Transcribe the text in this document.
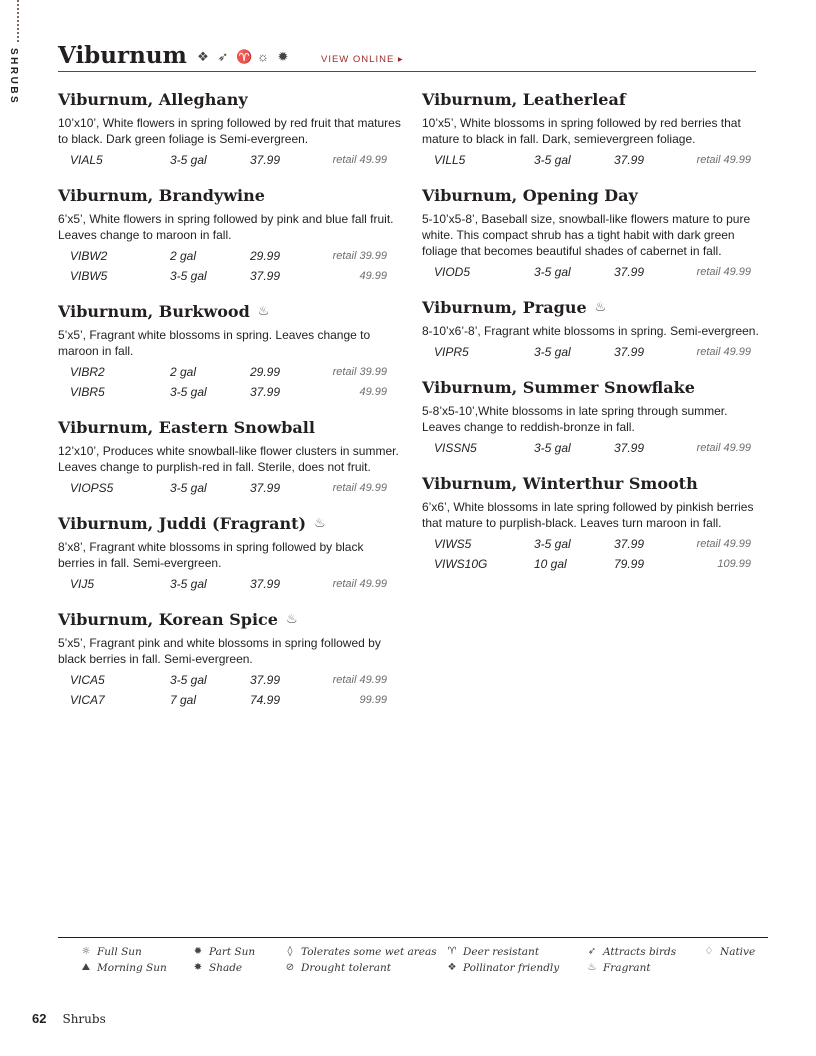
SHRUBS Viburnum ❖ ➶ ♈ ☼ ✹	VIEW ONLINE ▸
Viburnum, Alleghany
10’x10’, White flowers in spring followed by red fruit that matures to black. Dark green foliage is Semi-evergreen.
VIAL5	3-5 gal	37.99	retail 49.99
Viburnum, Brandywine
6’x5’, White flowers in spring followed by pink and blue fall fruit. Leaves change to maroon in fall.
VIBW2	2 gal	29.99	retail 39.99
VIBW5	3-5 gal	37.99	49.99
Viburnum, Burkwood ♨
5’x5’, Fragrant white blossoms in spring. Leaves change to maroon in fall.
VIBR2	2 gal	29.99	retail 39.99
VIBR5	3-5 gal	37.99	49.99
Viburnum, Eastern Snowball
12’x10’, Produces white snowball-like flower clusters in summer. Leaves change to purplish-red in fall. Sterile, does not fruit.
VIOPS5	3-5 gal	37.99	retail 49.99
Viburnum, Juddi (Fragrant) ♨
8’x8’, Fragrant white blossoms in spring followed by black berries in fall. Semi-evergreen.
VIJ5	3-5 gal	37.99	retail 49.99
Viburnum, Korean Spice ♨
5’x5’, Fragrant pink and white blossoms in spring followed by black berries in fall. Semi-evergreen.
VICA5	3-5 gal	37.99	retail 49.99
VICA7	7 gal	74.99	99.99
Viburnum, Leatherleaf
10’x5’, White blossoms in spring followed by red berries that mature to black in fall. Dark, semievergreen foliage.
VILL5	3-5 gal	37.99	retail 49.99
Viburnum, Opening Day
5-10’x5-8’, Baseball size, snowball-like flowers mature to pure white. This compact shrub has a tight habit with dark green foliage that becomes beautiful shades of cabernet in fall.
VIOD5	3-5 gal	37.99	retail 49.99
Viburnum, Prague ♨
8-10’x6’-8’, Fragrant white blossoms in spring. Semi-evergreen.
VIPR5	3-5 gal	37.99	retail 49.99
Viburnum, Summer Snowflake
5-8’x5-10’,White blossoms in late spring through summer. Leaves change to reddish-bronze in fall.
VISSN5	3-5 gal	37.99	retail 49.99
Viburnum, Winterthur Smooth
6’x6’, White blossoms in late spring followed by pinkish berries that mature to purplish-black. Leaves turn maroon in fall.
VIWS5	3-5 gal	37.99	retail 49.99
VIWS10G	10 gal	79.99	109.99
☼ Full Sun
⛰ Morning Sun
✹ Part Sun
✸ Shade
◊ Tolerates some wet areas
⊘ Drought tolerant
♈ Deer resistant
❖ Pollinator friendly
➶ Attracts birds
♨ Fragrant
♢ Native
62 Shrubs
